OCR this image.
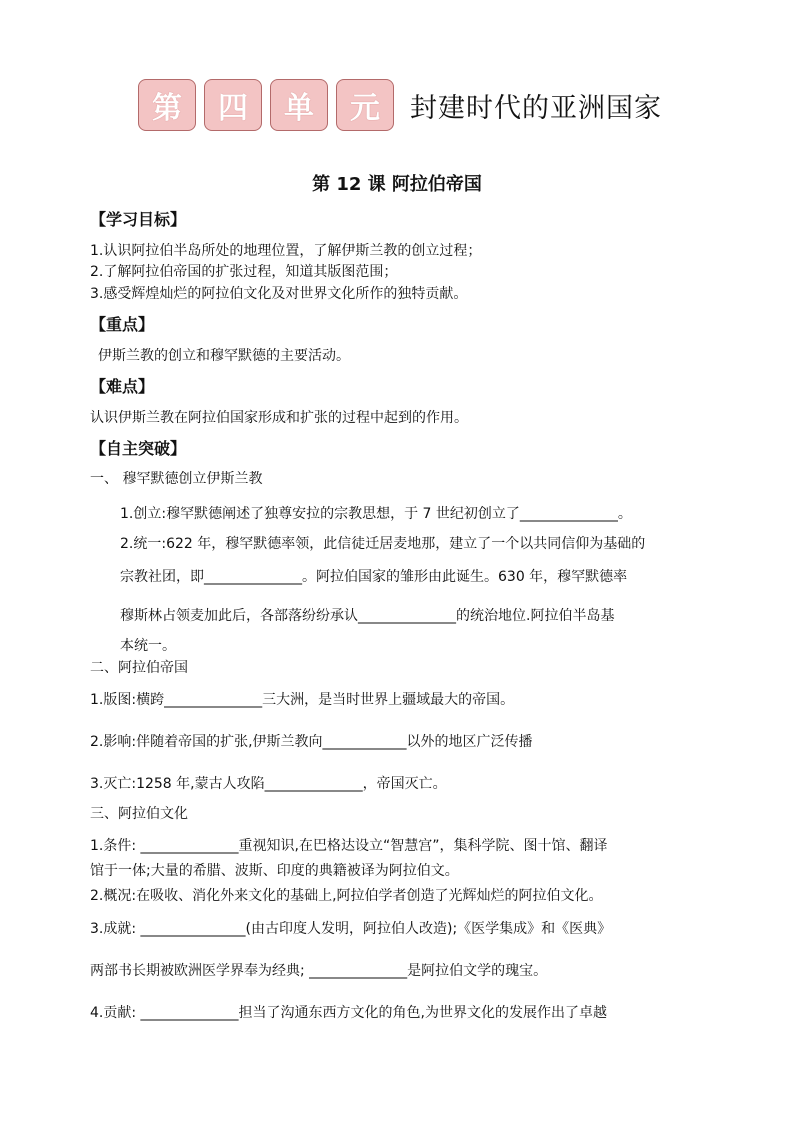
第	四	单	元	封建时代的亚洲国家
第 12 课 阿拉伯帝国
【学习目标】
1.认识阿拉伯半岛所处的地理位置，了解伊斯兰教的创立过程；
2.了解阿拉伯帝国的扩张过程，知道其版图范围；
3.感受辉煌灿烂的阿拉伯文化及对世界文化所作的独特贡献。
【重点】
伊斯兰教的创立和穆罕默德的主要活动。
【难点】
认识伊斯兰教在阿拉伯国家形成和扩张的过程中起到的作用。
【自主突破】
一、 穆罕默德创立伊斯兰教
1.创立:穆罕默德阐述了独尊安拉的宗教思想，于 7 世纪初创立了______________。
2.统一:622 年，穆罕默德率领，此信徒迁居麦地那，建立了一个以共同信仰为基础的
宗教社团，即______________。阿拉伯国家的雏形由此诞生。630 年，穆罕默德率
穆斯林占领麦加此后，各部落纷纷承认______________的统治地位.阿拉伯半岛基
本统一。
二、阿拉伯帝国
1.版图:横跨______________三大洲，是当时世界上疆域最大的帝国。
2.影响:伴随着帝国的扩张,伊斯兰教向____________以外的地区广泛传播
3.灭亡:1258 年,蒙古人攻陷______________，帝国灭亡。
三、阿拉伯文化
1.条件: ______________重视知识,在巴格达设立“智慧宫”，集科学院、图十馆、翻译
馆于一体;大量的希腊、波斯、印度的典籍被译为阿拉伯文。
2.概况:在吸收、消化外来文化的基础上,阿拉伯学者创造了光辉灿烂的阿拉伯文化。
3.成就: _______________(由古印度人发明，阿拉伯人改造);《医学集成》和《医典》
两部书长期被欧洲医学界奉为经典; ______________是阿拉伯文学的瑰宝。
4.贡献: ______________担当了沟通东西方文化的角色,为世界文化的发展作出了卓越
